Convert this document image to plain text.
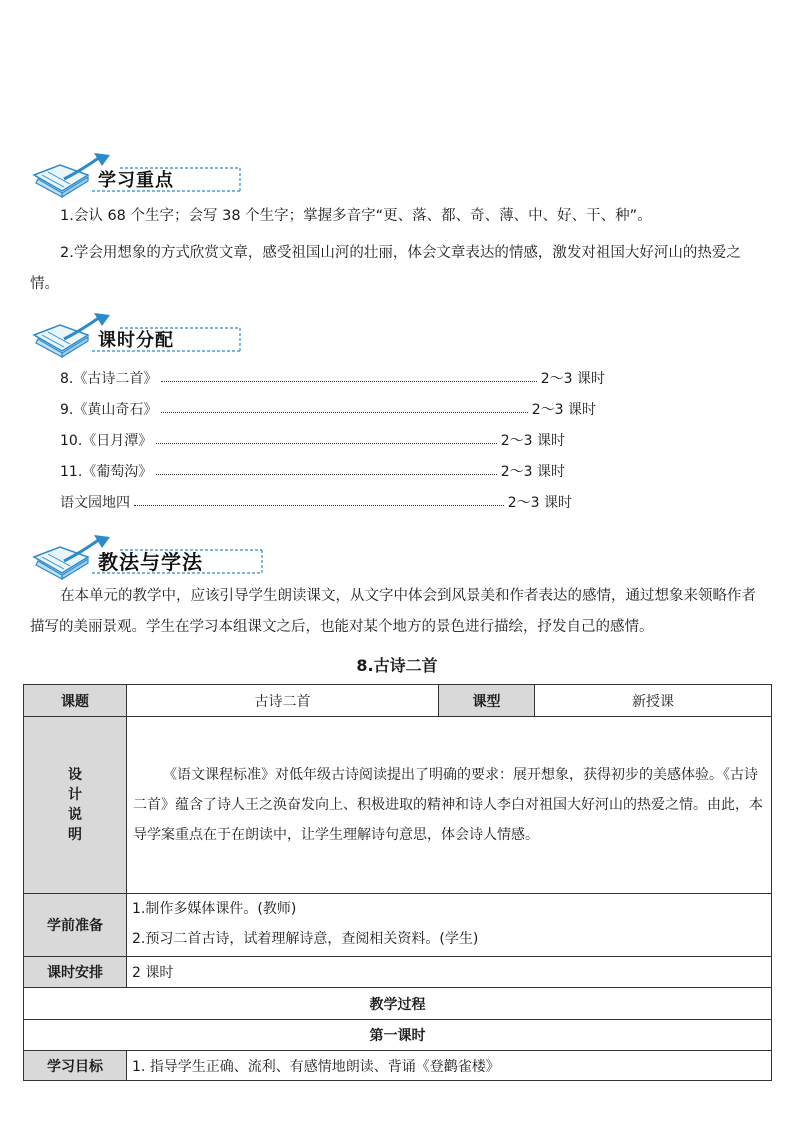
学习重点
1.会认 68 个生字；会写 38 个生字；掌握多音字“更、落、都、奇、薄、中、好、干、种”。
2.学会用想象的方式欣赏文章，感受祖国山河的壮丽，体会文章表达的情感，激发对祖国大好河山的热爱之情。
课时分配
8.《古诗二首》	2～3 课时
9.《黄山奇石》	2～3 课时
10.《日月潭》	2～3 课时
11.《葡萄沟》	2～3 课时
语文园地四	2～3 课时
教法与学法
在本单元的教学中，应该引导学生朗读课文，从文字中体会到风景美和作者表达的感情，通过想象来领略作者描写的美丽景观。学生在学习本组课文之后，也能对某个地方的景色进行描绘，抒发自己的感情。
8.古诗二首
课题	古诗二首	课型	新授课

设计说明	《语文课程标准》对低年级古诗阅读提出了明确的要求：展开想象，获得初步的美感体验。《古诗二首》蕴含了诗人王之涣奋发向上、积极进取的精神和诗人李白对祖国大好河山的热爱之情。由此，本导学案重点在于在朗读中，让学生理解诗句意思，体会诗人情感。		

学前准备	1.制作多媒体课件。(教师)
2.预习二首古诗，试着理解诗意，查阅相关资料。(学生)		

课时安排	2 课时		
教学过程			
第一课时			
学习目标	1. 指导学生正确、流利、有感情地朗读、背诵《登鹳雀楼》		
